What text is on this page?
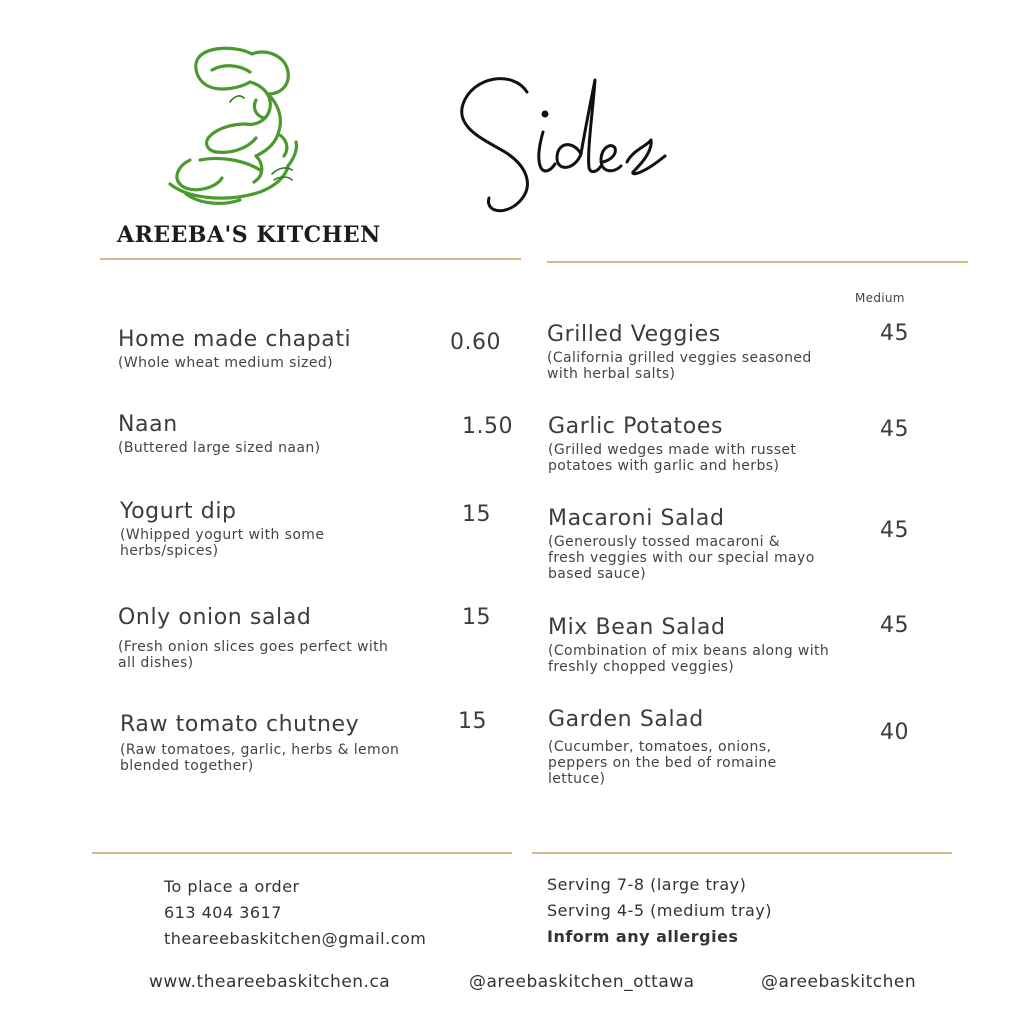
AREEBA'S KITCHEN
Medium
Home made chapati
(Whole wheat medium sized)
0.60
Naan
(Buttered large sized naan)
1.50
Yogurt dip
(Whipped yogurt with some herbs/spices)
15
Only onion salad
(Fresh onion slices goes perfect with all dishes)
15
Raw tomato chutney
(Raw tomatoes, garlic, herbs & lemon blended together)
15
Grilled Veggies
(California grilled veggies seasoned with herbal salts)
45
Garlic Potatoes
(Grilled wedges made with russet potatoes with garlic and herbs)
45
Macaroni Salad
(Generously tossed macaroni & fresh veggies with our special mayo based sauce)
45
Mix Bean Salad
(Combination of mix beans along with freshly chopped veggies)
45
Garden Salad
(Cucumber, tomatoes, onions, peppers on the bed of romaine lettuce)
40
To place a order
613 404 3617
theareebaskitchen@gmail.com
Serving 7-8 (large tray)
Serving 4-5 (medium tray)
Inform any allergies
www.theareebaskitchen.ca	@areebaskitchen_ottawa	@areebaskitchen
